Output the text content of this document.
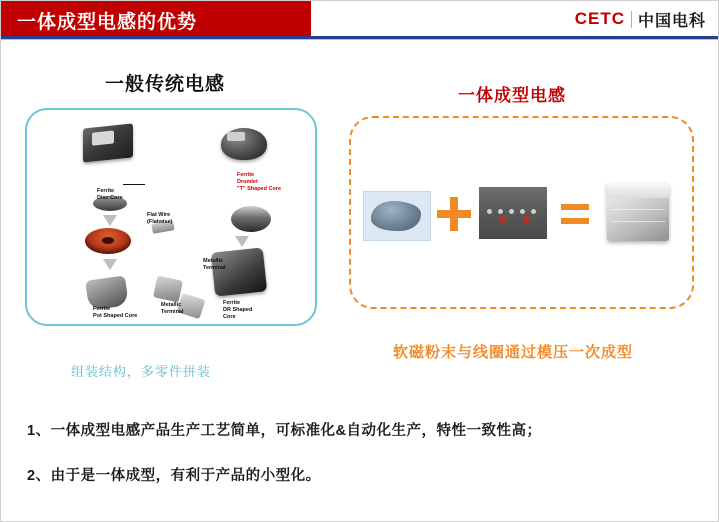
一体成型电感的优势	CETC 中国电科
一般传统电感
Ferrite
Disc Core
Flat Wire
(Flatwise)
Ferrite
Pot Shaped Core
Metallic
Terminal
Ferrite
Drumlet
"T" Shaped Core
Metallic
Terminal
Ferrite
DR Shaped
Core
组装结构，多零件拼装
一体成型电感
软磁粉末与线圈通过模压一次成型
1、一体成型电感产品生产工艺简单，可标准化&自动化生产，特性一致性高；
2、由于是一体成型，有利于产品的小型化。
